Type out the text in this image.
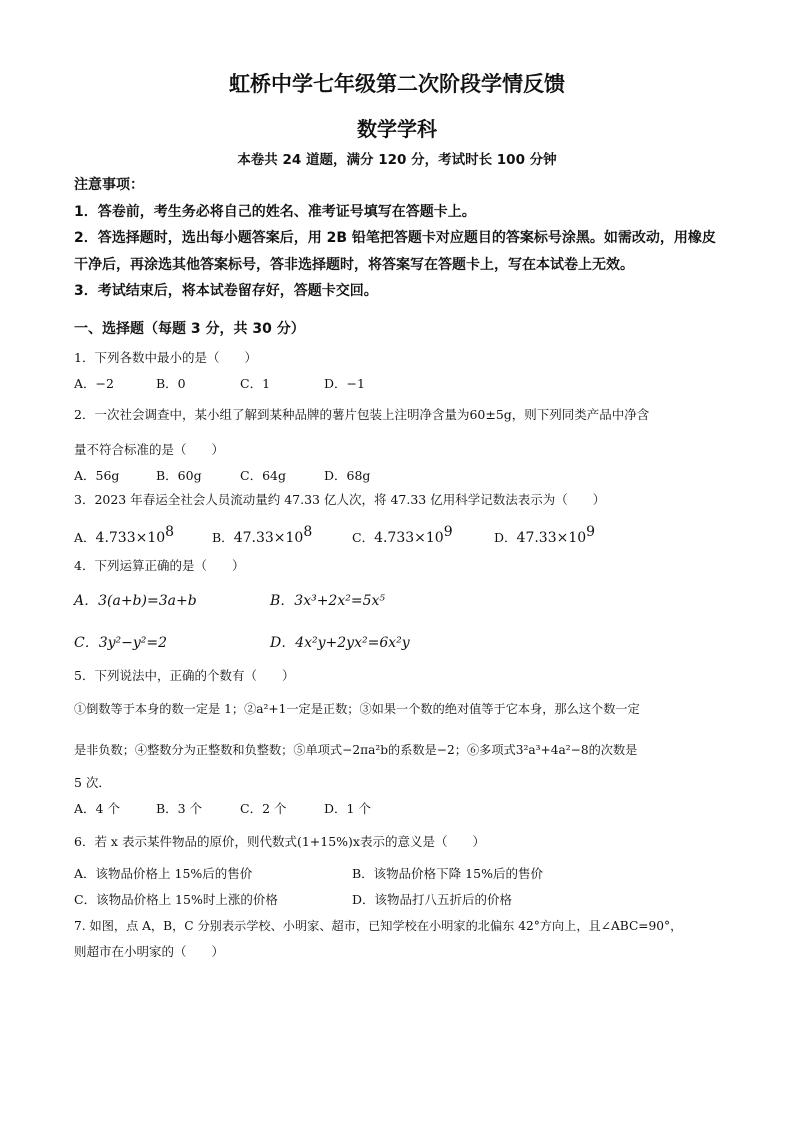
虹桥中学七年级第二次阶段学情反馈
数学学科
本卷共 24 道题，满分 120 分，考试时长 100 分钟

注意事项：

1．答卷前，考生务必将自己的姓名、准考证号填写在答题卡上。

2．答选择题时，选出每小题答案后，用 2B 铅笔把答题卡对应题目的答案标号涂黑。如需改动，用橡皮干净后，再涂选其他答案标号，答非选择题时，将答案写在答题卡上，写在本试卷上无效。

3．考试结束后，将本试卷留存好，答题卡交回。

一、选择题（每题 3 分，共 30 分）
1．下列各数中最小的是（　　）
A．−2	B．0	C．1	D．−1
2．一次社会调查中，某小组了解到某种品牌的薯片包装上注明净含量为60±5g，则下列同类产品中净含
量不符合标准的是（　　）
A．56g	B．60g	C．64g	D．68g
3．2023 年春运全社会人员流动量约 47.33 亿人次，将 47.33 亿用科学记数法表示为（　　）
A．$4.733\times 10^8$	B．$47.33\times 10^8$	C．$4.733\times 10^9$	D．$47.33\times 10^9$
4．下列运算正确的是（　　）
A．3(a+b)=3a+b	B．3x³+2x²=5x⁵
C．3y²−y²=2	D．4x²y+2yx²=6x²y
5．下列说法中，正确的个数有（　　）
①倒数等于本身的数一定是 1；②a²+1一定是正数；③如果一个数的绝对值等于它本身，那么这个数一定
是非负数；④整数分为正整数和负整数；⑤单项式−2πa²b的系数是−2；⑥多项式3²a³+4a²−8的次数是
5 次．
A．4 个	B．3 个	C．2 个	D．1 个
6．若 x 表示某件物品的原价，则代数式(1+15%)x表示的意义是（　　）
A．该物品价格上 15%后的售价	B．该物品价格下降 15%后的售价
C．该物品价格上 15%时上涨的价格	D．该物品打八五折后的价格
7. 如图，点 A，B，C 分别表示学校、小明家、超市，已知学校在小明家的北偏东 42°方向上，且∠ABC=90°，
则超市在小明家的（　　）
